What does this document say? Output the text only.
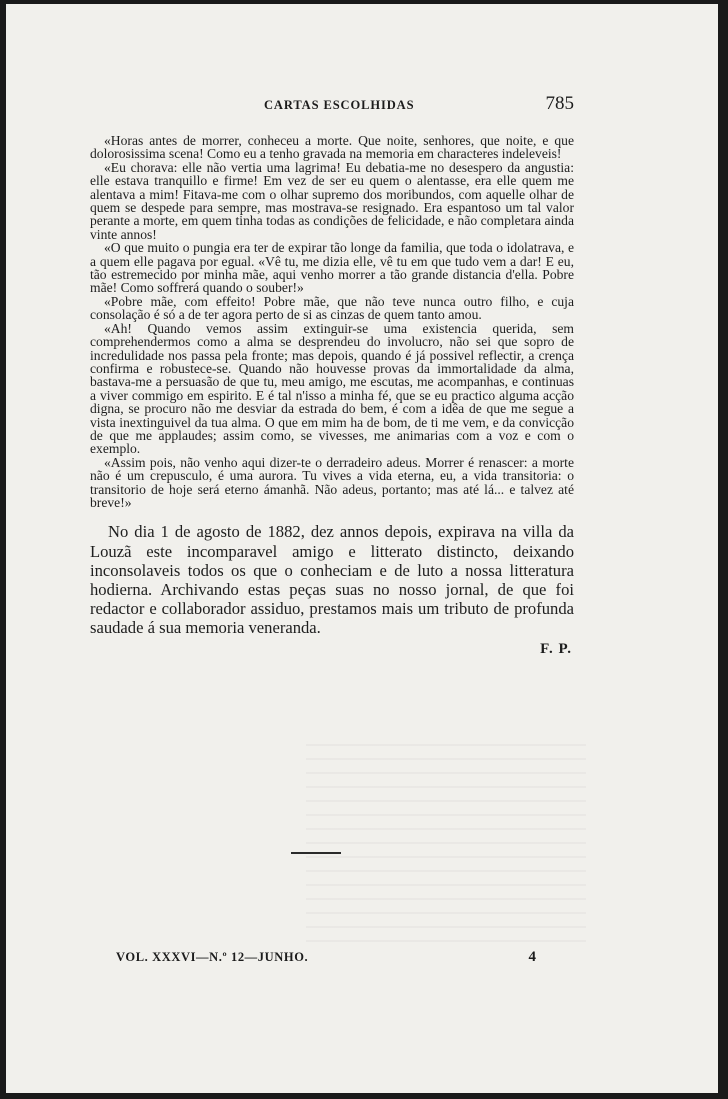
CARTAS ESCOLHIDAS	785

«Horas antes de morrer, conheceu a morte. Que noite, senhores, que noite, e que dolorosissima scena! Como eu a tenho gravada na memoria em characteres indeleveis!

«Eu chorava: elle não vertia uma lagrima! Eu debatia-me no desespero da angustia: elle estava tranquillo e firme! Em vez de ser eu quem o alentasse, era elle quem me alentava a mim! Fitava-me com o olhar supremo dos moribundos, com aquelle olhar de quem se despede para sempre, mas mostrava-se resignado. Era espantoso um tal valor perante a morte, em quem tinha todas as condições de felicidade, e não completara ainda vinte annos!

«O que muito o pungia era ter de expirar tão longe da familia, que toda o idolatrava, e a quem elle pagava por egual. «Vê tu, me dizia elle, vê tu em que tudo vem a dar! E eu, tão estremecido por minha mãe, aqui venho morrer a tão grande distancia d'ella. Pobre mãe! Como soffrerá quando o souber!»

«Pobre mãe, com effeito! Pobre mãe, que não teve nunca outro filho, e cuja consolação é só a de ter agora perto de si as cinzas de quem tanto amou.

«Ah! Quando vemos assim extinguir-se uma existencia querida, sem comprehendermos como a alma se desprendeu do involucro, não sei que sopro de incredulidade nos passa pela fronte; mas depois, quando é já possivel reflectir, a crença confirma e robustece-se. Quando não houvesse provas da immortalidade da alma, bastava-me a persuasão de que tu, meu amigo, me escutas, me acompanhas, e continuas a viver commigo em espirito. E é tal n'isso a minha fé, que se eu practico alguma acção digna, se procuro não me desviar da estrada do bem, é com a idêa de que me segue a vista inextinguivel da tua alma. O que em mim ha de bom, de ti me vem, e da convicção de que me applaudes; assim como, se vivesses, me animarias com a voz e com o exemplo.

«Assim pois, não venho aqui dizer-te o derradeiro adeus. Morrer é renascer: a morte não é um crepusculo, é uma aurora. Tu vives a vida eterna, eu, a vida transitoria: o transitorio de hoje será eterno ámanhã. Não adeus, portanto; mas até lá... e talvez até breve!»

No dia 1 de agosto de 1882, dez annos depois, expirava na villa da Louzã este incomparavel amigo e litterato distincto, deixando inconsolaveis todos os que o conheciam e de luto a nossa litteratura hodierna. Archivando estas peças suas no nosso jornal, de que foi redactor e collaborador assiduo, prestamos mais um tributo de profunda saudade á sua memoria veneranda.

F. P.
VOL. XXXVI—N.º 12—JUNHO.	4
